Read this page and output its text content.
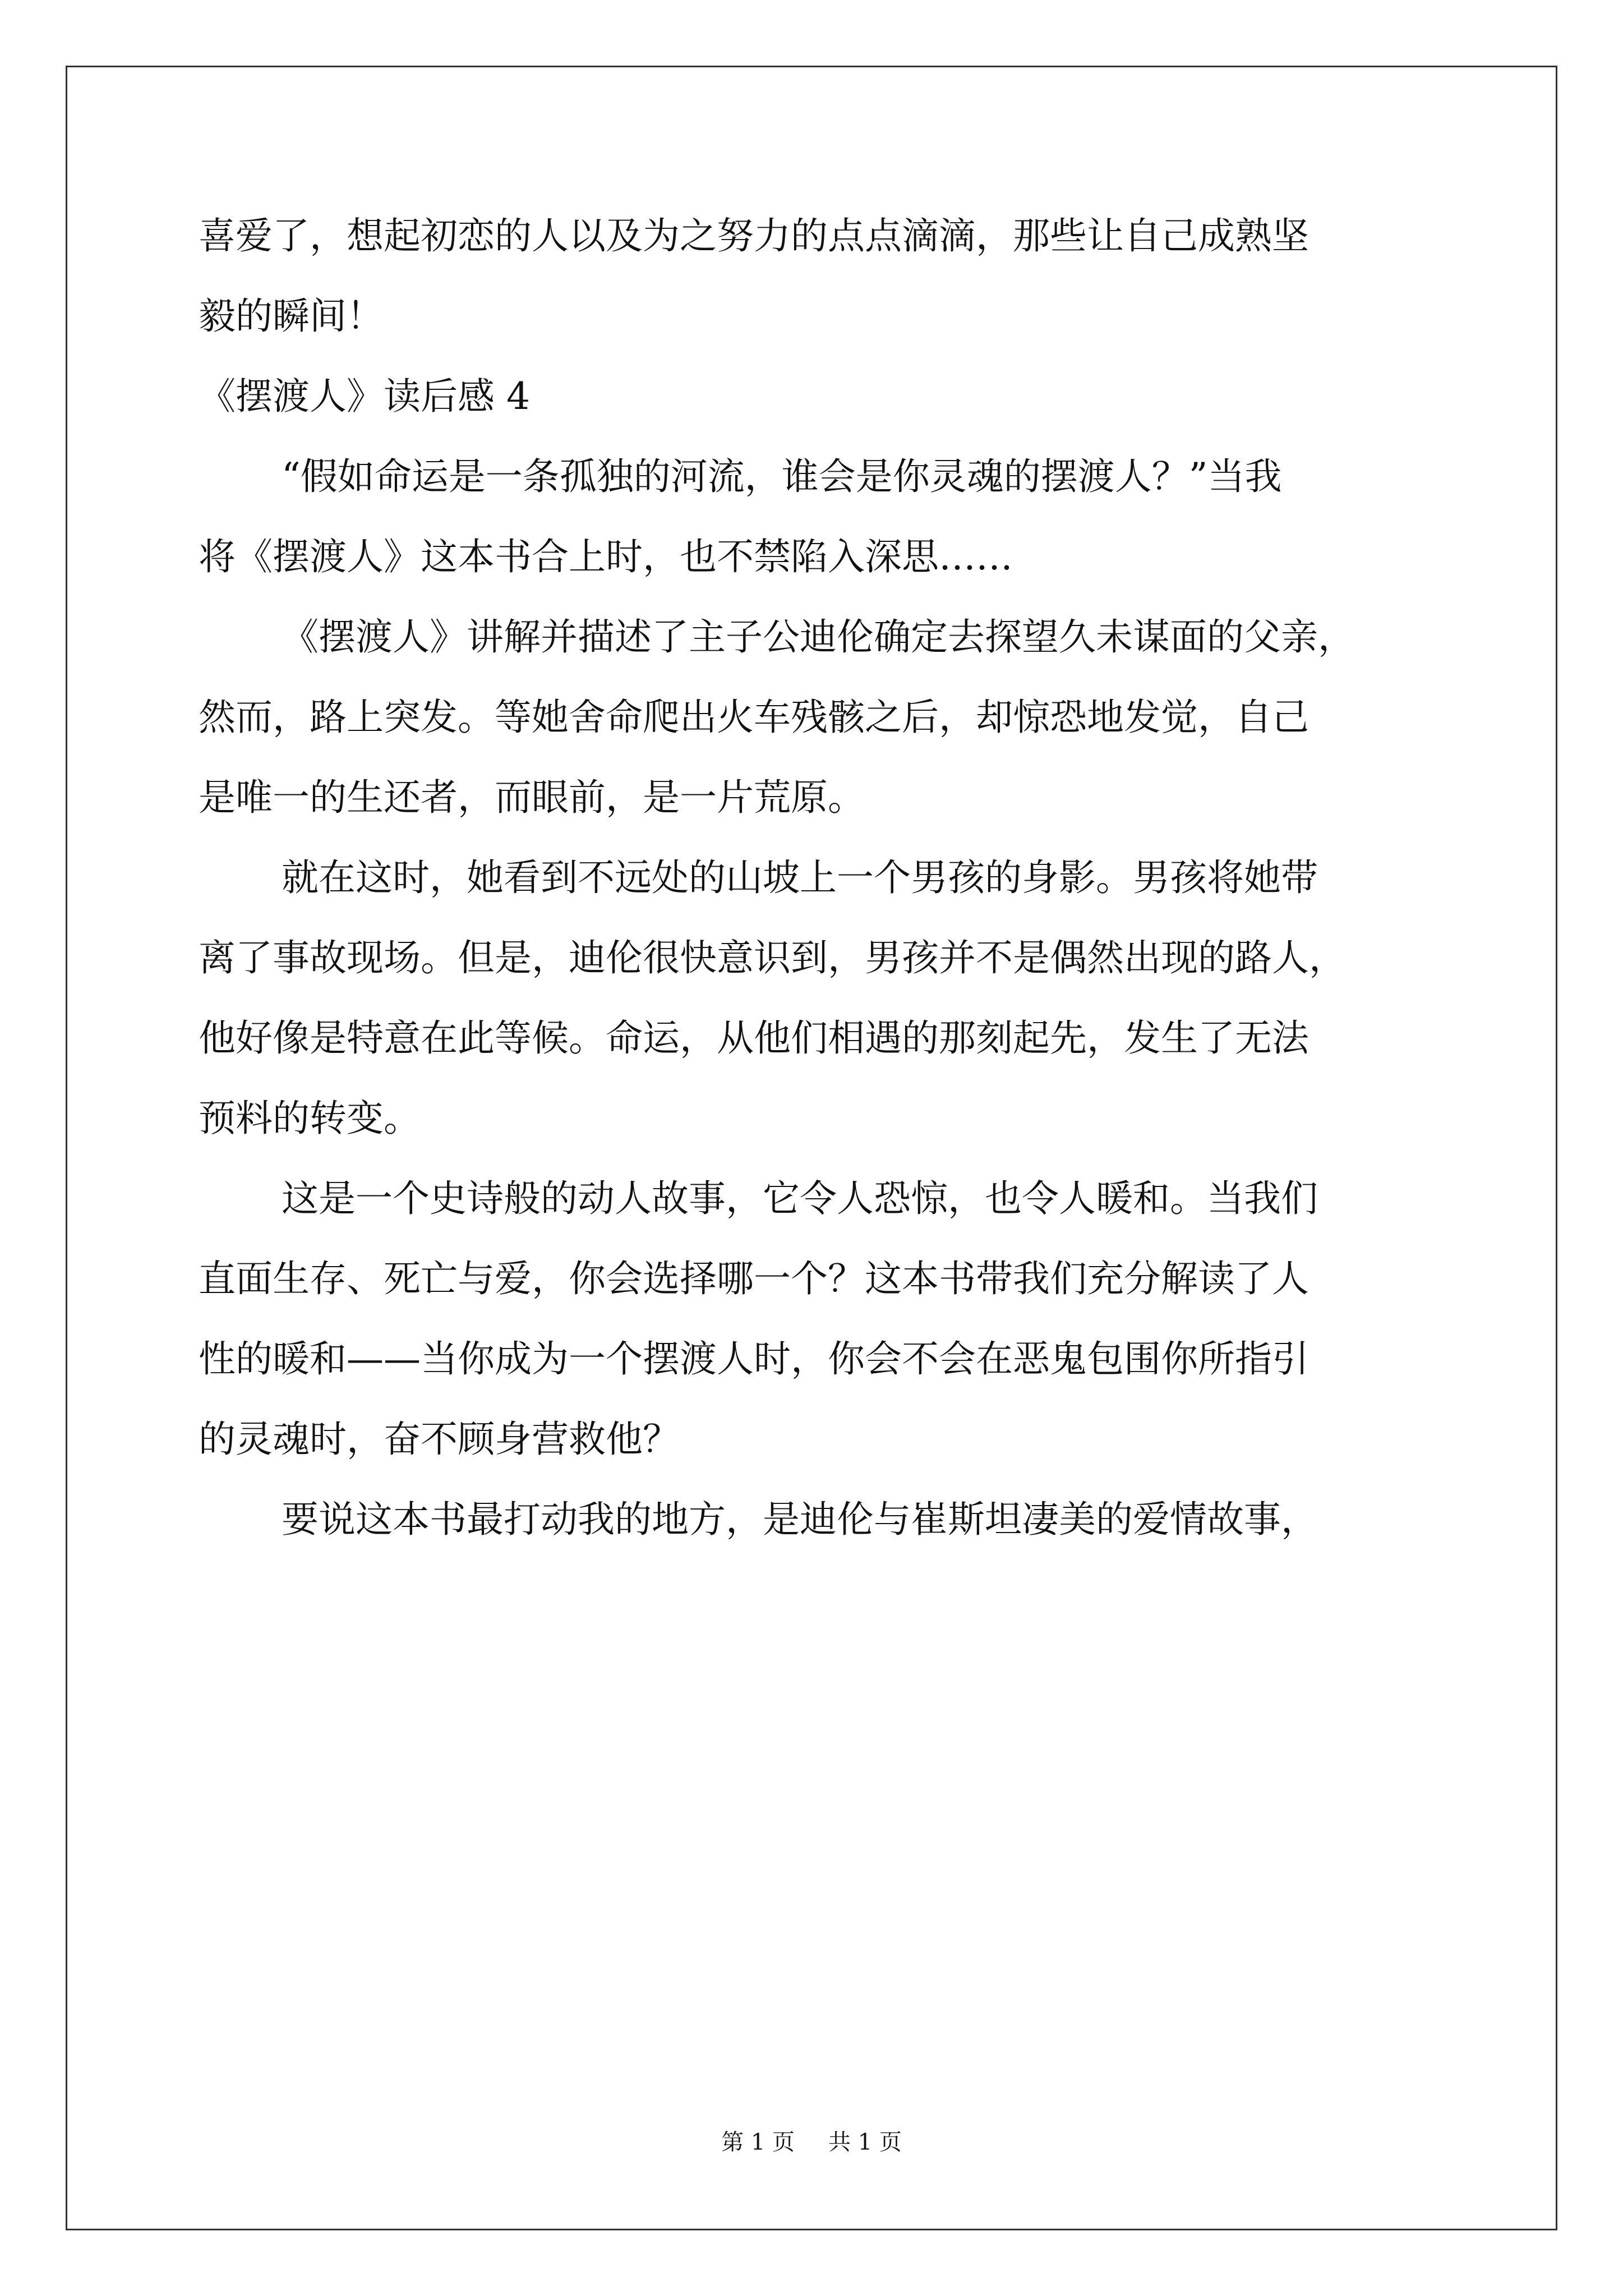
喜爱了，想起初恋的人以及为之努力的点点滴滴，那些让自己成熟坚
毅的瞬间！
《摆渡人》读后感 4
“假如命运是一条孤独的河流，谁会是你灵魂的摆渡人？”当我
将《摆渡人》这本书合上时，也不禁陷入深思……
《摆渡人》讲解并描述了主子公迪伦确定去探望久未谋面的父亲，
然而，路上突发。等她舍命爬出火车残骸之后，却惊恐地发觉，自己
是唯一的生还者，而眼前，是一片荒原。
就在这时，她看到不远处的山坡上一个男孩的身影。男孩将她带
离了事故现场。但是，迪伦很快意识到，男孩并不是偶然出现的路人，
他好像是特意在此等候。命运，从他们相遇的那刻起先，发生了无法
预料的转变。
这是一个史诗般的动人故事，它令人恐惊，也令人暖和。当我们
直面生存、死亡与爱，你会选择哪一个？这本书带我们充分解读了人
性的暖和——当你成为一个摆渡人时，你会不会在恶鬼包围你所指引
的灵魂时，奋不顾身营救他？
要说这本书最打动我的地方，是迪伦与崔斯坦凄美的爱情故事，
第 1 页 共 1 页
